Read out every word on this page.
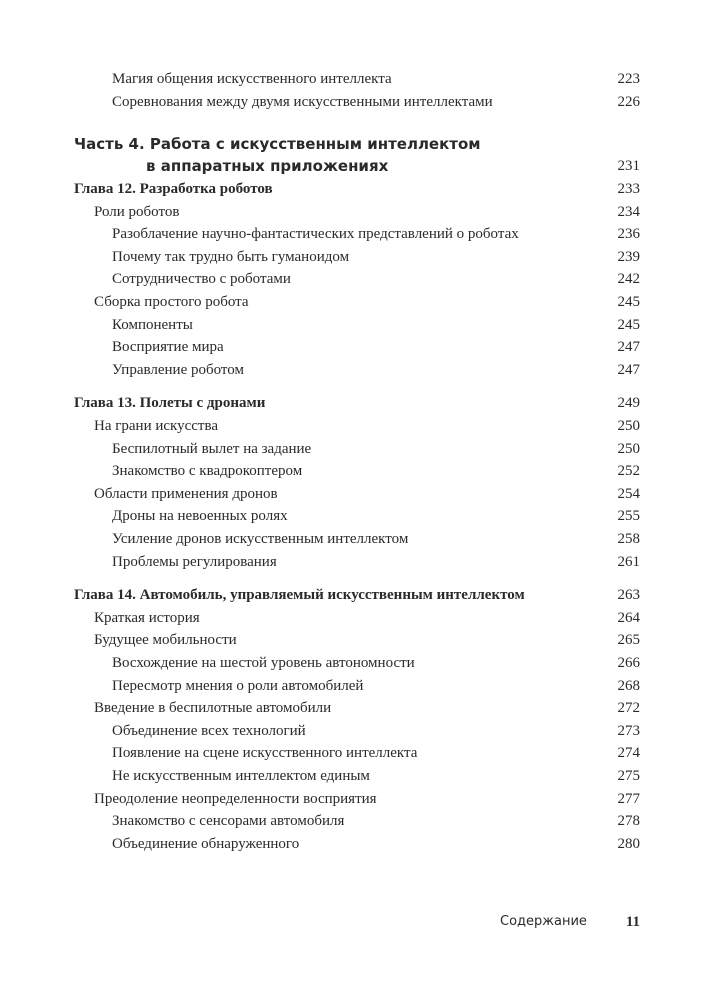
Магия общения искусственного интеллекта	223
Соревнования между двумя искусственными интеллектами	226
Часть 4. Работа с искусственным интеллектом
в аппаратных приложениях	231
Глава 12. Разработка роботов	233
Роли роботов	234
Разоблачение научно-фантастических представлений о роботах	236
Почему так трудно быть гуманоидом	239
Сотрудничество с роботами	242
Сборка простого робота	245
Компоненты	245
Восприятие мира	247
Управление роботом	247
Глава 13. Полеты с дронами	249
На грани искусства	250
Беспилотный вылет на задание	250
Знакомство с квадрокоптером	252
Области применения дронов	254
Дроны на невоенных ролях	255
Усиление дронов искусственным интеллектом	258
Проблемы регулирования	261
Глава 14. Автомобиль, управляемый искусственным интеллектом	263
Краткая история	264
Будущее мобильности	265
Восхождение на шестой уровень автономности	266
Пересмотр мнения о роли автомобилей	268
Введение в беспилотные автомобили	272
Объединение всех технологий	273
Появление на сцене искусственного интеллекта	274
Не искусственным интеллектом единым	275
Преодоление неопределенности восприятия	277
Знакомство с сенсорами автомобиля	278
Объединение обнаруженного	280
Содержание	11
